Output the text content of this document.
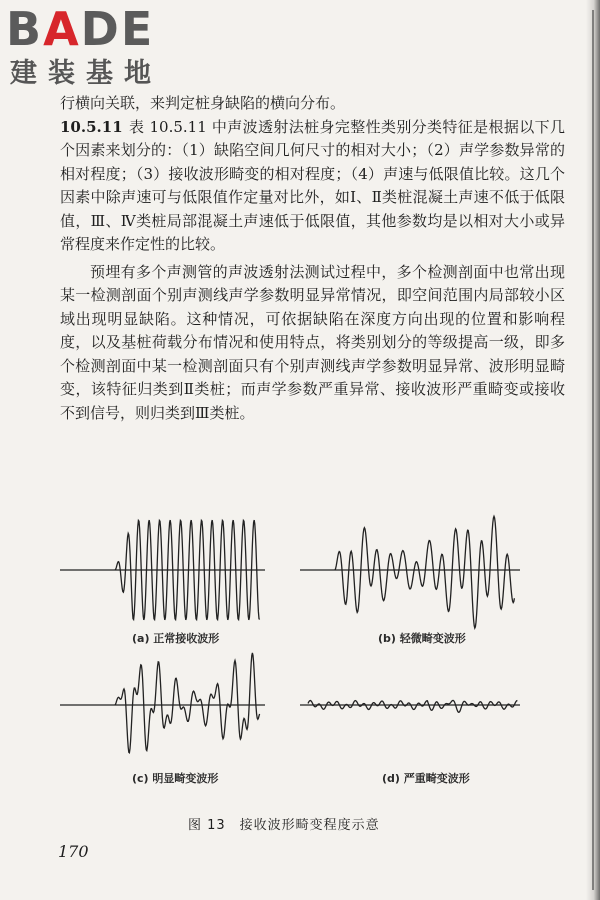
BADE
建装基地

行横向关联，来判定桩身缺陷的横向分布。

10.5.11 表 10.5.11 中声波透射法桩身完整性类别分类特征是根据以下几个因素来划分的：（1）缺陷空间几何尺寸的相对大小；（2）声学参数异常的相对程度；（3）接收波形畸变的相对程度；（4）声速与低限值比较。这几个因素中除声速可与低限值作定量对比外，如Ⅰ、Ⅱ类桩混凝土声速不低于低限值，Ⅲ、Ⅳ类桩局部混凝土声速低于低限值，其他参数均是以相对大小或异常程度来作定性的比较。

预埋有多个声测管的声波透射法测试过程中，多个检测剖面中也常出现某一检测剖面个别声测线声学参数明显异常情况，即空间范围内局部较小区域出现明显缺陷。这种情况，可依据缺陷在深度方向出现的位置和影响程度，以及基桩荷载分布情况和使用特点，将类别划分的等级提高一级，即多个检测剖面中某一检测剖面只有个别声测线声学参数明显异常、波形明显畸变，该特征归类到Ⅱ类桩；而声学参数严重异常、接收波形严重畸变或接收不到信号，则归类到Ⅲ类桩。

(a) 正常接收波形	(b) 轻微畸变波形
(c) 明显畸变波形	(d) 严重畸变波形
图 13　接收波形畸变程度示意
170
